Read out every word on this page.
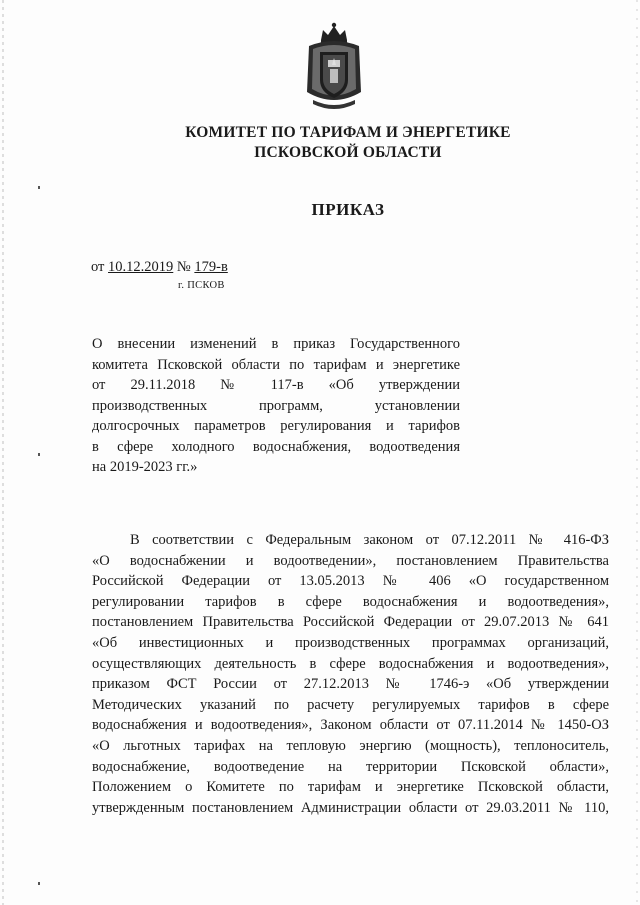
КОМИТЕТ ПО ТАРИФАМ И ЭНЕРГЕТИКЕ
ПСКОВСКОЙ ОБЛАСТИ
ПРИКАЗ
от 10.12.2019 № 179-в
г. ПСКОВ
О внесении изменений в приказ Государственного
комитета Псковской области по тарифам и энергетике
от 29.11.2018 № 117-в «Об утверждении
производственных программ, установлении
долгосрочных параметров регулирования и тарифов
в сфере холодного водоснабжения, водоотведения
на 2019-2023 гг.»
В соответствии с Федеральным законом от 07.12.2011 № 416-ФЗ
«О водоснабжении и водоотведении», постановлением Правительства
Российской Федерации от 13.05.2013 № 406 «О государственном
регулировании тарифов в сфере водоснабжения и водоотведения»,
постановлением Правительства Российской Федерации от 29.07.2013 № 641
«Об инвестиционных и производственных программах организаций,
осуществляющих деятельность в сфере водоснабжения и водоотведения»,
приказом ФСТ России от 27.12.2013 № 1746-э «Об утверждении
Методических указаний по расчету регулируемых тарифов в сфере
водоснабжения и водоотведения», Законом области от 07.11.2014 № 1450-ОЗ
«О льготных тарифах на тепловую энергию (мощность), теплоноситель,
водоснабжение, водоотведение на территории Псковской области»,
Положением о Комитете по тарифам и энергетике Псковской области,
утвержденным постановлением Администрации области от 29.03.2011 № 110,
